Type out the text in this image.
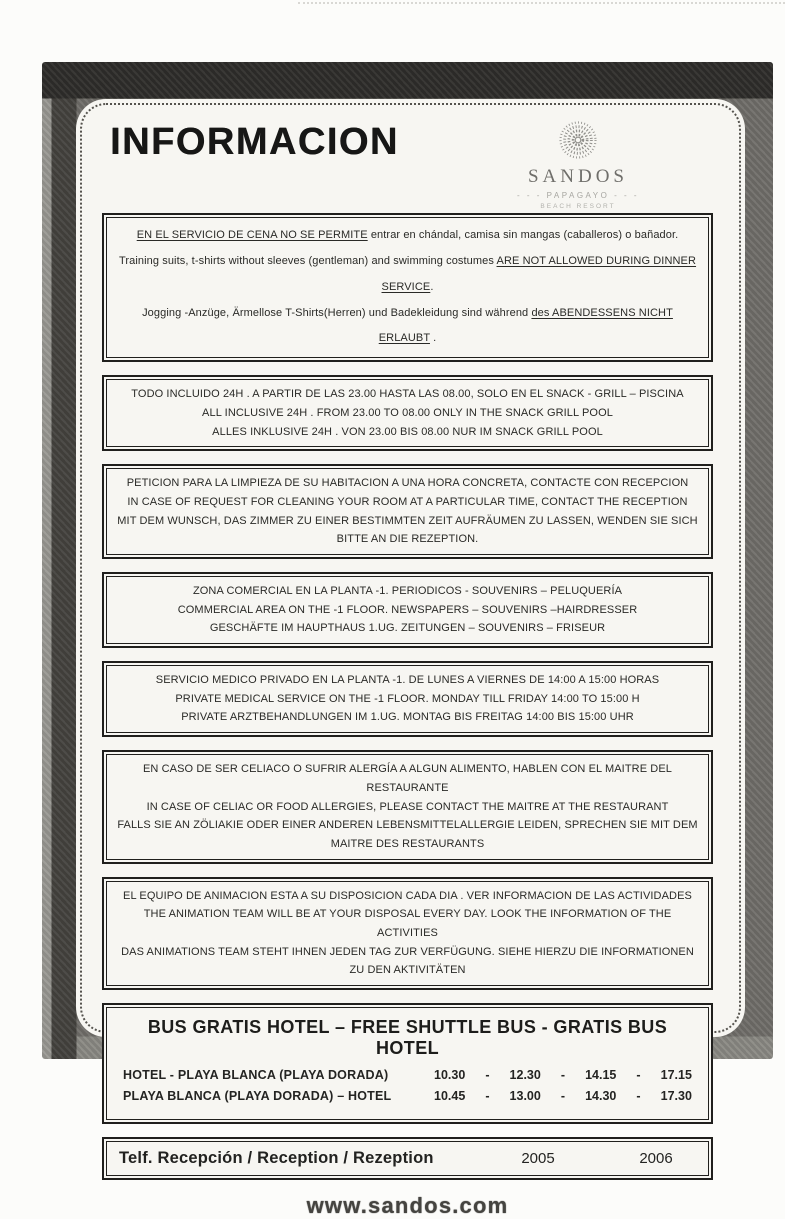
INFORMACION
SANDOS
- - - PAPAGAYO - - -
BEACH RESORT

EN EL SERVICIO DE CENA NO SE PERMITE entrar en chándal, camisa sin mangas (caballeros) o bañador.

Training suits, t-shirts without sleeves (gentleman) and swimming costumes ARE NOT ALLOWED DURING DINNER SERVICE.

Jogging -Anzüge, Ärmellose T-Shirts(Herren) und Badekleidung sind während des ABENDESSENS NICHT ERLAUBT .

TODO INCLUIDO 24H . A PARTIR DE LAS 23.00 HASTA LAS 08.00, SOLO EN EL SNACK - GRILL – PISCINA

ALL INCLUSIVE 24H . FROM 23.00 TO 08.00 ONLY IN THE SNACK GRILL POOL

ALLES INKLUSIVE 24H . VON 23.00 BIS 08.00 NUR IM SNACK GRILL POOL

PETICION PARA LA LIMPIEZA DE SU HABITACION A UNA HORA CONCRETA, CONTACTE CON RECEPCION

IN CASE OF REQUEST FOR CLEANING YOUR ROOM AT A PARTICULAR TIME, CONTACT THE RECEPTION

MIT DEM WUNSCH, DAS ZIMMER ZU EINER BESTIMMTEN ZEIT AUFRÄUMEN ZU LASSEN, WENDEN SIE SICH BITTE AN DIE REZEPTION.

ZONA COMERCIAL EN LA PLANTA -1. PERIODICOS - SOUVENIRS – PELUQUERÍA

COMMERCIAL AREA ON THE -1 FLOOR. NEWSPAPERS – SOUVENIRS –HAIRDRESSER

GESCHÄFTE IM HAUPTHAUS 1.UG. ZEITUNGEN – SOUVENIRS – FRISEUR

SERVICIO MEDICO PRIVADO EN LA PLANTA -1. DE LUNES A VIERNES DE 14:00 A 15:00 HORAS

PRIVATE MEDICAL SERVICE ON THE -1 FLOOR. MONDAY TILL FRIDAY 14:00 TO 15:00 H

PRIVATE ARZTBEHANDLUNGEN IM 1.UG. MONTAG BIS FREITAG 14:00 BIS 15:00 UHR

EN CASO DE SER CELIACO O SUFRIR ALERGÍA A ALGUN ALIMENTO, HABLEN CON EL MAITRE DEL RESTAURANTE

IN CASE OF CELIAC OR FOOD ALLERGIES, PLEASE CONTACT THE MAITRE AT THE RESTAURANT

FALLS SIE AN ZÖLIAKIE ODER EINER ANDEREN LEBENSMITTELALLERGIE LEIDEN, SPRECHEN SIE MIT DEM MAITRE DES RESTAURANTS

EL EQUIPO DE ANIMACION ESTA A SU DISPOSICION CADA DIA . VER INFORMACION DE LAS ACTIVIDADES

THE ANIMATION TEAM WILL BE AT YOUR DISPOSAL EVERY DAY. LOOK THE INFORMATION OF THE ACTIVITIES

DAS ANIMATIONS TEAM STEHT IHNEN JEDEN TAG ZUR VERFÜGUNG. SIEHE HIERZU DIE INFORMATIONEN ZU DEN AKTIVITÄTEN

BUS GRATIS HOTEL – FREE SHUTTLE BUS - GRATIS BUS HOTEL
HOTEL - PLAYA BLANCA (PLAYA DORADA)	10.30 - 12.30 - 14.15 - 17.15
PLAYA BLANCA (PLAYA DORADA) – HOTEL	10.45 - 13.00 - 14.30 - 17.30
Telf. Recepción / Reception / Rezeption	2005	2006
www.sandos.com
